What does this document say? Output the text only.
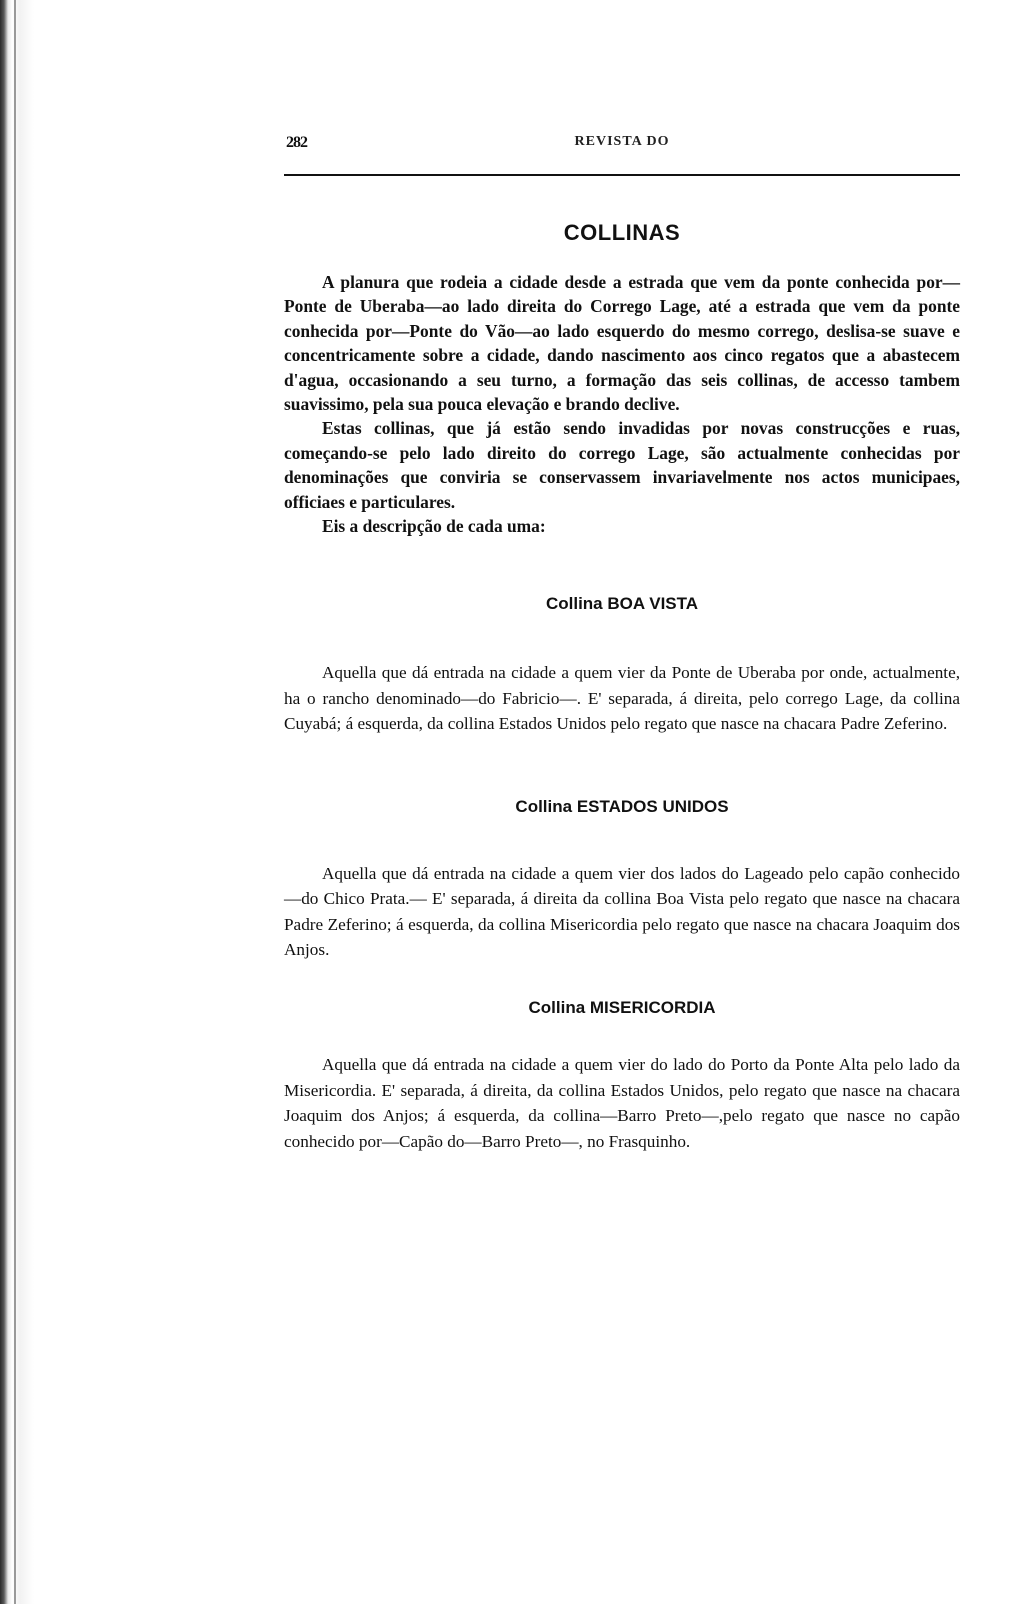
282	REVISTA DO
COLLINAS

A planura que rodeia a cidade desde a estrada que vem da ponte conhecida por—Ponte de Uberaba—ao lado direita do Corrego Lage, até a estrada que vem da ponte conhecida por—Ponte do Vão—ao lado esquerdo do mesmo corrego, deslisa-se suave e concentricamente sobre a cidade, dando nascimento aos cinco regatos que a abastecem d'agua, occasionando a seu turno, a formação das seis collinas, de accesso tambem suavissimo, pela sua pouca elevação e brando declive.

Estas collinas, que já estão sendo invadidas por novas construcções e ruas, começando-se pelo lado direito do corrego Lage, são actualmente conhecidas por denominações que conviria se conservassem invariavelmente nos actos municipaes, officiaes e particulares.

Eis a descripção de cada uma:

Collina BOA VISTA

Aquella que dá entrada na cidade a quem vier da Ponte de Uberaba por onde, actualmente, ha o rancho denominado—do Fabricio—. E' separada, á direita, pelo corrego Lage, da collina Cuyabá; á esquerda, da collina Estados Unidos pelo regato que nasce na chacara Padre Zeferino.

Collina ESTADOS UNIDOS

Aquella que dá entrada na cidade a quem vier dos lados do Lageado pelo capão conhecido—do Chico Prata.— E' separada, á direita da collina Boa Vista pelo regato que nasce na chacara Padre Zeferino; á esquerda, da collina Misericordia pelo regato que nasce na chacara Joaquim dos Anjos.

Collina MISERICORDIA

Aquella que dá entrada na cidade a quem vier do lado do Porto da Ponte Alta pelo lado da Misericordia. E' separada, á direita, da collina Estados Unidos, pelo regato que nasce na chacara Joaquim dos Anjos; á esquerda, da collina—Barro Preto—,pelo regato que nasce no capão conhecido por—Capão do—Barro Preto—, no Frasquinho.
